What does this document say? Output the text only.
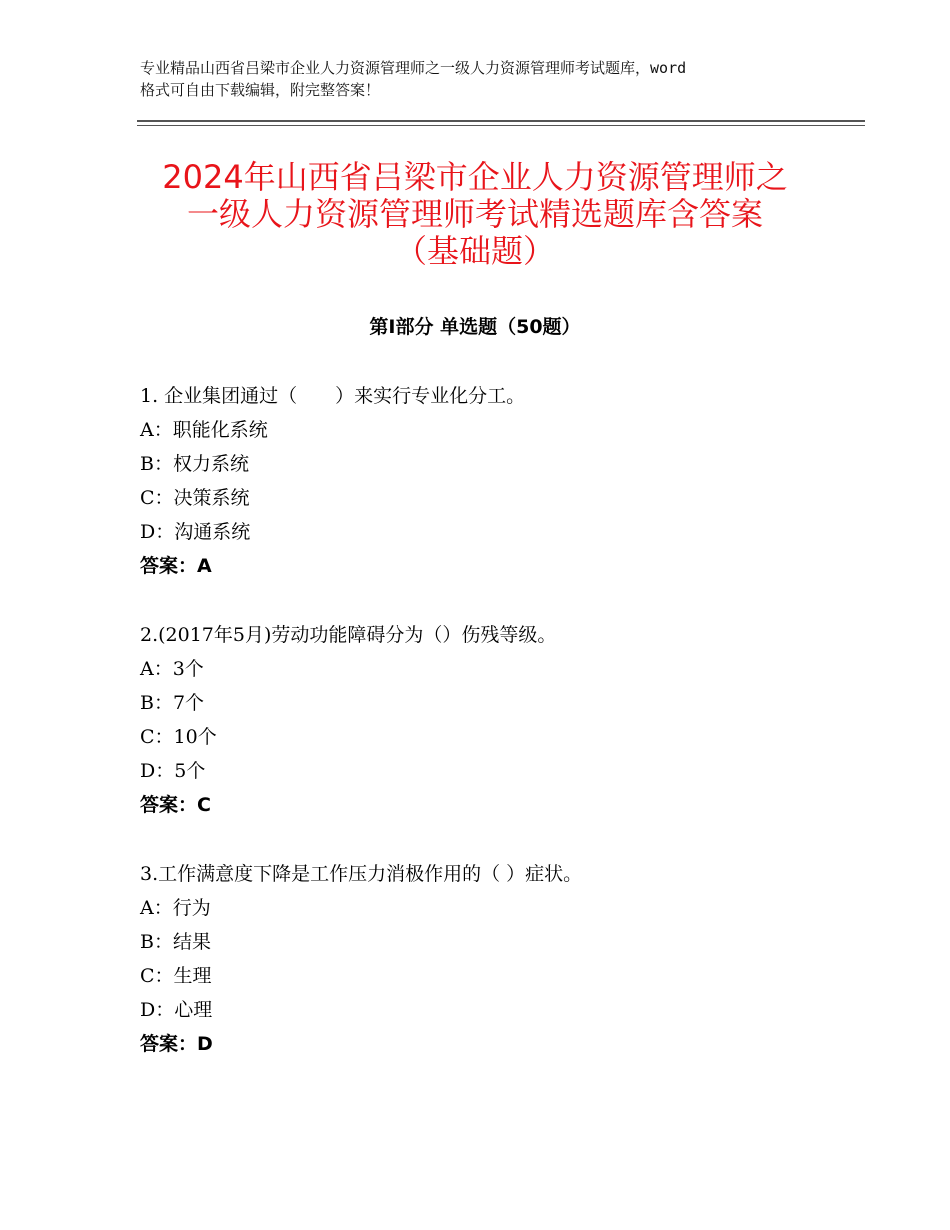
专业精品山西省吕梁市企业人力资源管理师之一级人力资源管理师考试题库，word
格式可自由下载编辑，附完整答案！
2024年山西省吕梁市企业人力资源管理师之
一级人力资源管理师考试精选题库含答案
（基础题）
第Ⅰ部分 单选题（50题）
1. 企业集团通过（　　）来实行专业化分工。
A：职能化系统
B：权力系统
C：决策系统
D：沟通系统
答案：A
2.(2017年5月)劳动功能障碍分为（）伤残等级。
A：3个
B：7个
C：10个
D：5个
答案：C
3.工作满意度下降是工作压力消极作用的（ ）症状。
A：行为
B：结果
C：生理
D：心理
答案：D
